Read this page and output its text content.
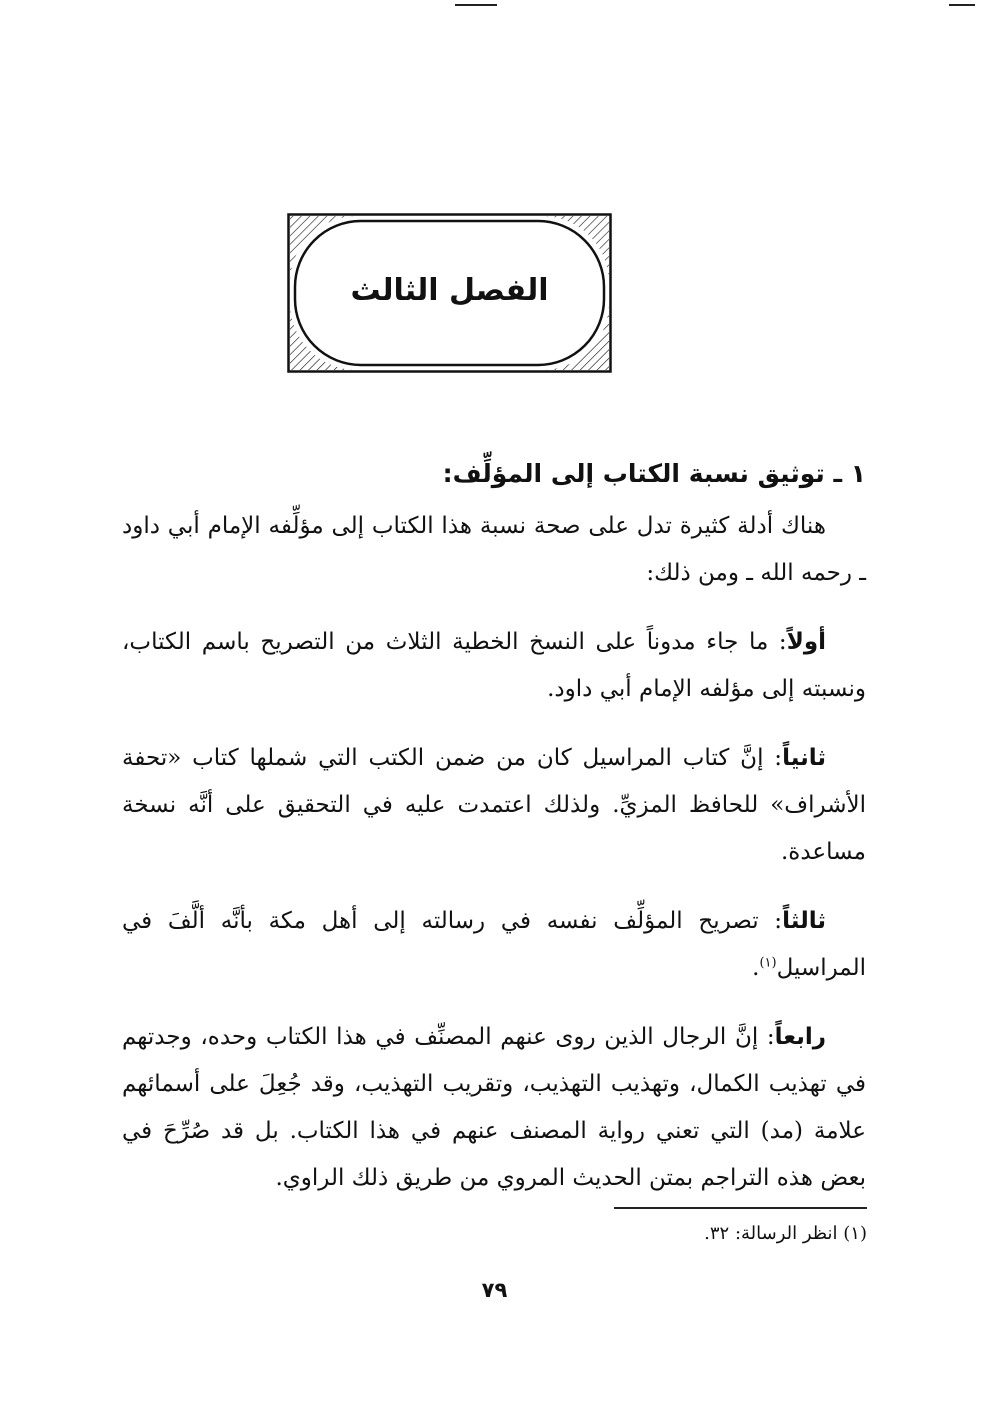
الفصل الثالث
١ ـ توثيق نسبة الكتاب إلى المؤلِّف:

هناك أدلة كثيرة تدل على صحة نسبة هذا الكتاب إلى مؤلِّفه الإمام أبي داود ـ رحمه الله ـ ومن ذلك:

أولاً: ما جاء مدوناً على النسخ الخطية الثلاث من التصريح باسم الكتاب، ونسبته إلى مؤلفه الإمام أبي داود.

ثانياً: إنَّ كتاب المراسيل كان من ضمن الكتب التي شملها كتاب «تحفة الأشراف» للحافظ المزيِّ. ولذلك اعتمدت عليه في التحقيق على أنَّه نسخة مساعدة.

ثالثاً: تصريح المؤلِّف نفسه في رسالته إلى أهل مكة بأنَّه ألَّفَ في المراسيل$^{(١)}$.

رابعاً: إنَّ الرجال الذين روى عنهم المصنِّف في هذا الكتاب وحده، وجدتهم في تهذيب الكمال، وتهذيب التهذيب، وتقريب التهذيب، وقد جُعِلَ على أسمائهم علامة (مد) التي تعني رواية المصنف عنهم في هذا الكتاب. بل قد صُرِّحَ في بعض هذه التراجم بمتن الحديث المروي من طريق ذلك الراوي.

(١) انظر الرسالة: ٣٢.
٧٩
